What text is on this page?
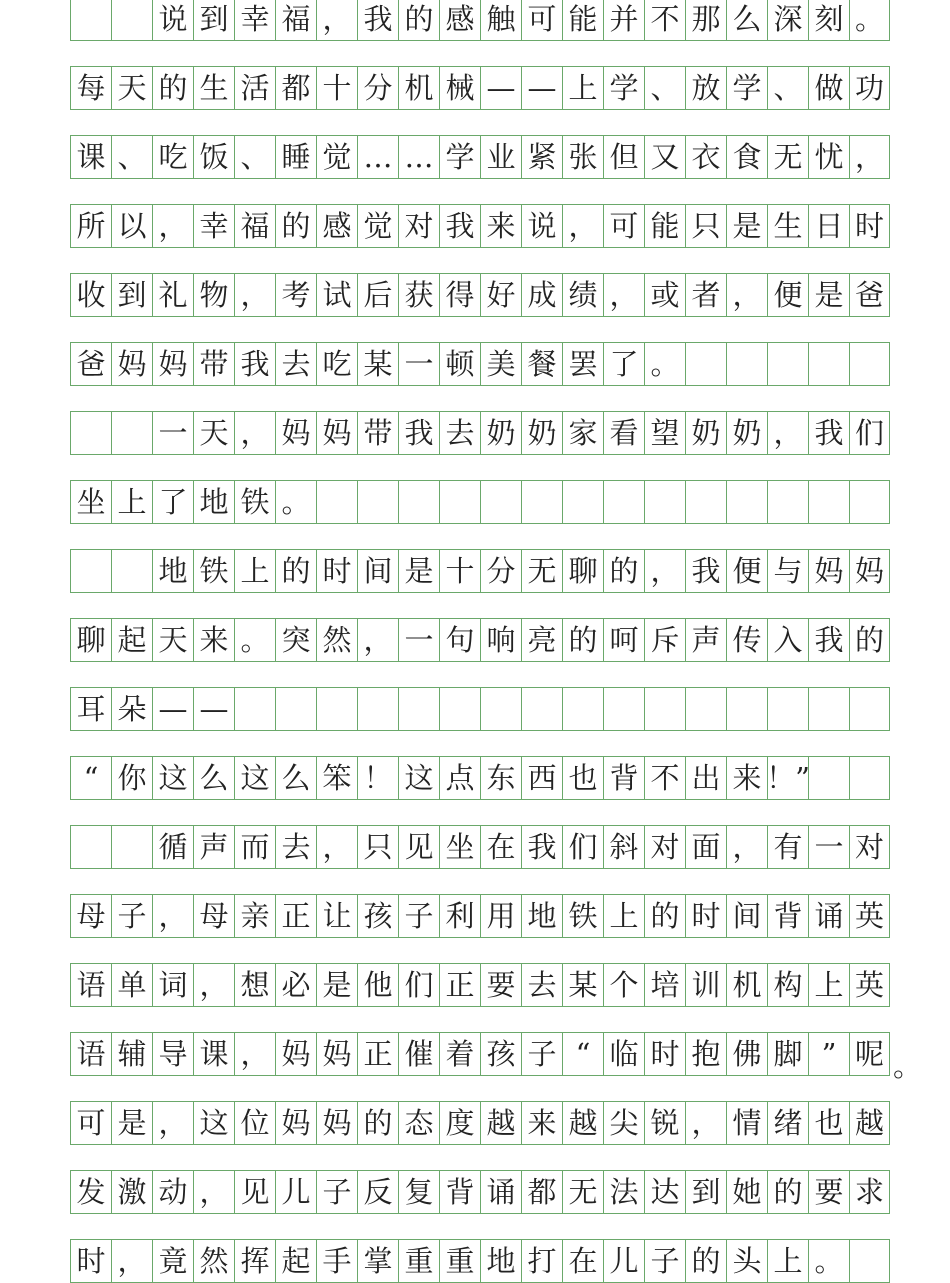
说 到 幸 福 ， 我 的 感 触 可 能 并 不 那 么 深 刻 。
每 天 的 生 活 都 十 分 机 械 — — 上 学 、 放 学 、 做 功
课 、 吃 饭 、 睡 觉 … … 学 业 紧 张 但 又 衣 食 无 忧 ，
所 以 ， 幸 福 的 感 觉 对 我 来 说 ， 可 能 只 是 生 日 时
收 到 礼 物 ， 考 试 后 获 得 好 成 绩 ， 或 者 ， 便 是 爸
爸 妈 妈 带 我 去 吃 某 一 顿 美 餐 罢 了 。
一 天 ， 妈 妈 带 我 去 奶 奶 家 看 望 奶 奶 ， 我 们
坐 上 了 地 铁 。
地 铁 上 的 时 间 是 十 分 无 聊 的 ， 我 便 与 妈 妈
聊 起 天 来 。 突 然 ， 一 句 响 亮 的 呵 斥 声 传 入 我 的
耳 朵 — —
“ 你 这 么 这 么 笨 ！ 这 点 东 西 也 背 不 出 来 ！”
循 声 而 去 ， 只 见 坐 在 我 们 斜 对 面 ， 有 一 对
母 子 ， 母 亲 正 让 孩 子 利 用 地 铁 上 的 时 间 背 诵 英
语 单 词 ， 想 必 是 他 们 正 要 去 某 个 培 训 机 构 上 英
语 辅 导 课 ， 妈 妈 正 催 着 孩 子 “ 临 时 抱 佛 脚 ” 呢
可 是 ， 这 位 妈 妈 的 态 度 越 来 越 尖 锐 ， 情 绪 也 越
发 激 动 ， 见 儿 子 反 复 背 诵 都 无 法 达 到 她 的 要 求
时 ， 竟 然 挥 起 手 掌 重 重 地 打 在 儿 子 的 头 上 。
。
